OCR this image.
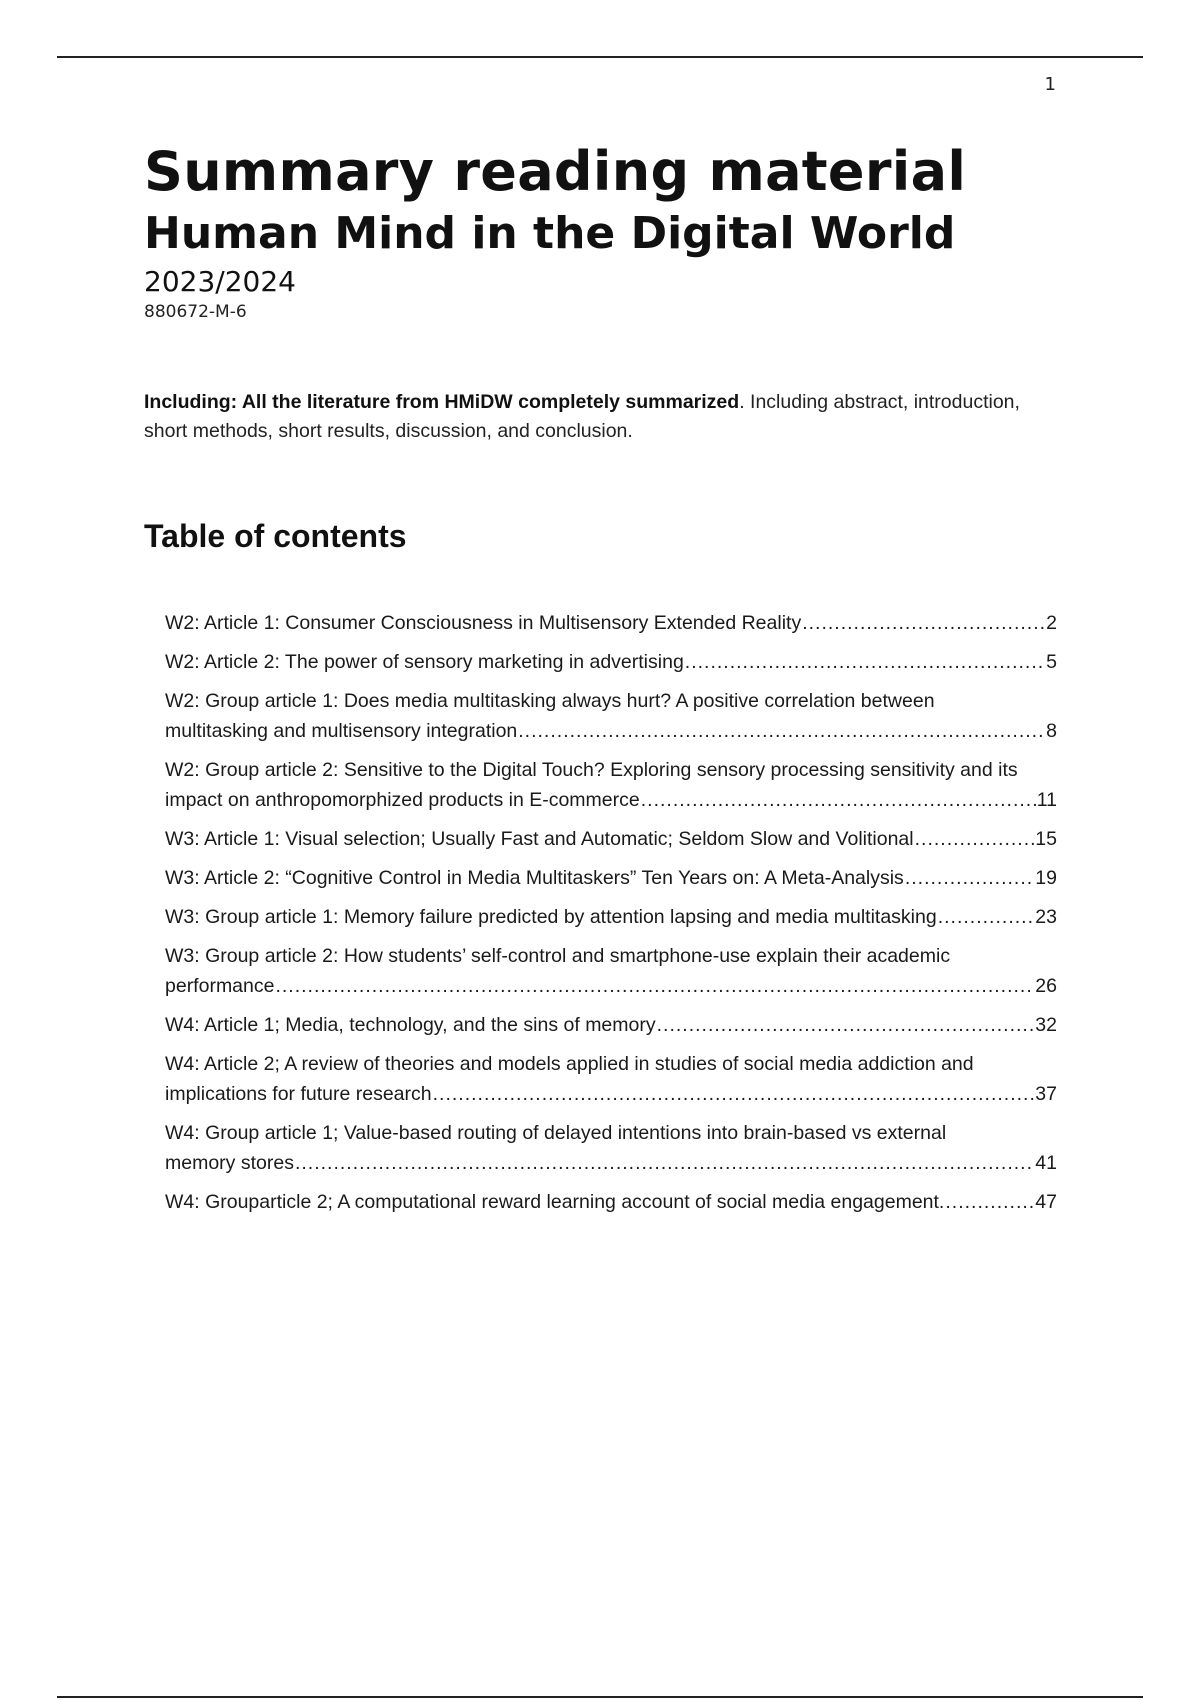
1
Summary reading material
Human Mind in the Digital World
2023/2024
880672-M-6

Including: All the literature from HMiDW completely summarized. Including abstract, introduction, short methods, short results, discussion, and conclusion.

Table of contents
W2: Article 1: Consumer Consciousness in Multisensory Extended Reality .....	2
W2: Article 2: The power of sensory marketing in advertising .....	5
W2: Group article 1: Does media multitasking always hurt? A positive correlation between
multitasking and multisensory integration .....	8
W2: Group article 2: Sensitive to the Digital Touch? Exploring sensory processing sensitivity and its
impact on anthropomorphized products in E-commerce .....	11
W3: Article 1: Visual selection; Usually Fast and Automatic; Seldom Slow and Volitional .....	15
W3: Article 2: “Cognitive Control in Media Multitaskers” Ten Years on: A Meta-Analysis .....	19
W3: Group article 1: Memory failure predicted by attention lapsing and media multitasking .....	23
W3: Group article 2: How students’ self-control and smartphone-use explain their academic
performance .....	26
W4: Article 1; Media, technology, and the sins of memory .....	32
W4: Article 2; A review of theories and models applied in studies of social media addiction and
implications for future research .....	37
W4: Group article 1; Value-based routing of delayed intentions into brain-based vs external
memory stores .....	41
W4: Grouparticle 2; A computational reward learning account of social media engagement. .....	47
